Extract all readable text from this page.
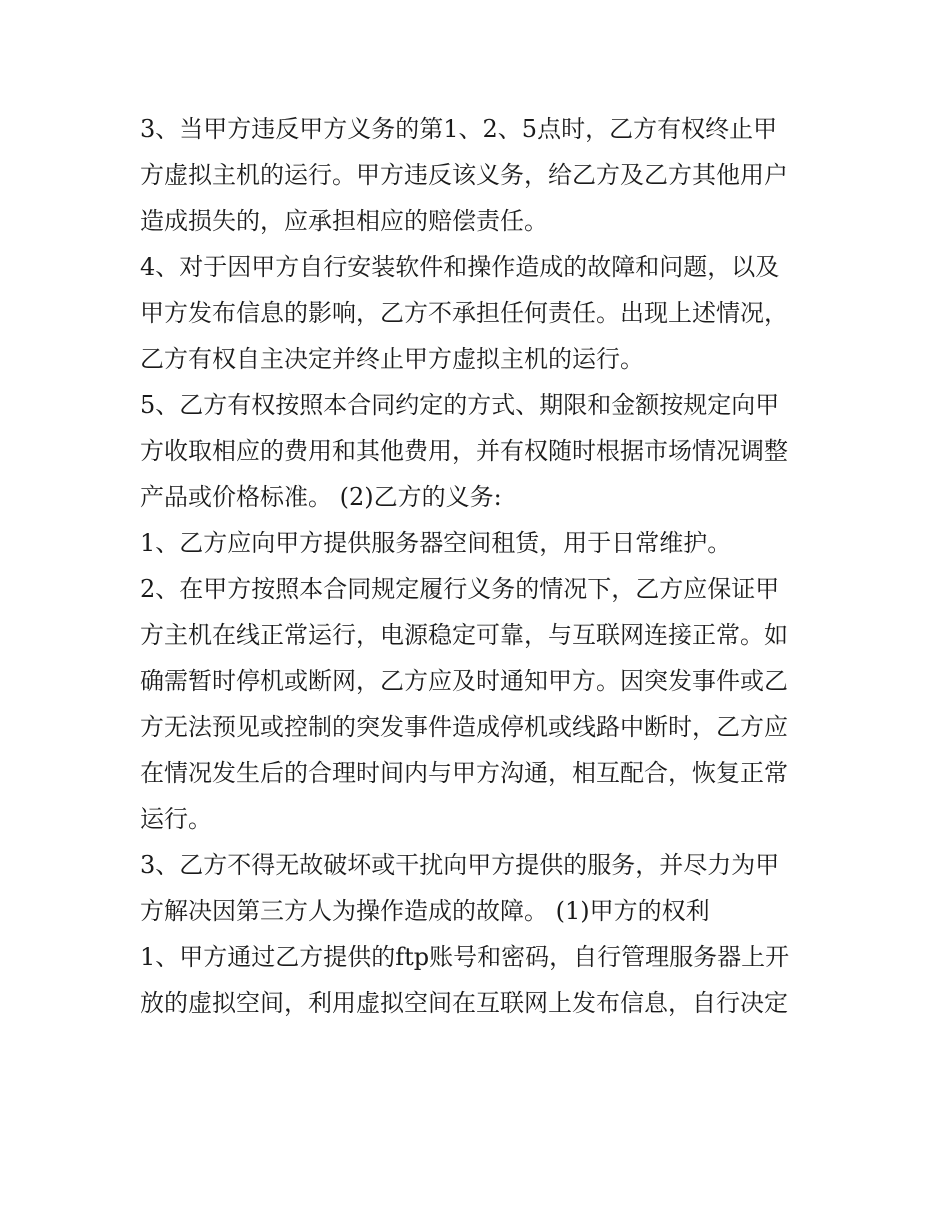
3、当甲方违反甲方义务的第1、2、5点时，乙方有权终止甲
方虚拟主机的运行。甲方违反该义务，给乙方及乙方其他用户
造成损失的，应承担相应的赔偿责任。
4、对于因甲方自行安装软件和操作造成的故障和问题，以及
甲方发布信息的影响，乙方不承担任何责任。出现上述情况，
乙方有权自主决定并终止甲方虚拟主机的运行。
5、乙方有权按照本合同约定的方式、期限和金额按规定向甲
方收取相应的费用和其他费用，并有权随时根据市场情况调整
产品或价格标准。 (2)乙方的义务:
1、乙方应向甲方提供服务器空间租赁，用于日常维护。
2、在甲方按照本合同规定履行义务的情况下，乙方应保证甲
方主机在线正常运行，电源稳定可靠，与互联网连接正常。如
确需暂时停机或断网，乙方应及时通知甲方。因突发事件或乙
方无法预见或控制的突发事件造成停机或线路中断时，乙方应
在情况发生后的合理时间内与甲方沟通，相互配合，恢复正常
运行。
3、乙方不得无故破坏或干扰向甲方提供的服务，并尽力为甲
方解决因第三方人为操作造成的故障。 (1)甲方的权利
1、甲方通过乙方提供的ftp账号和密码，自行管理服务器上开
放的虚拟空间，利用虚拟空间在互联网上发布信息，自行决定
